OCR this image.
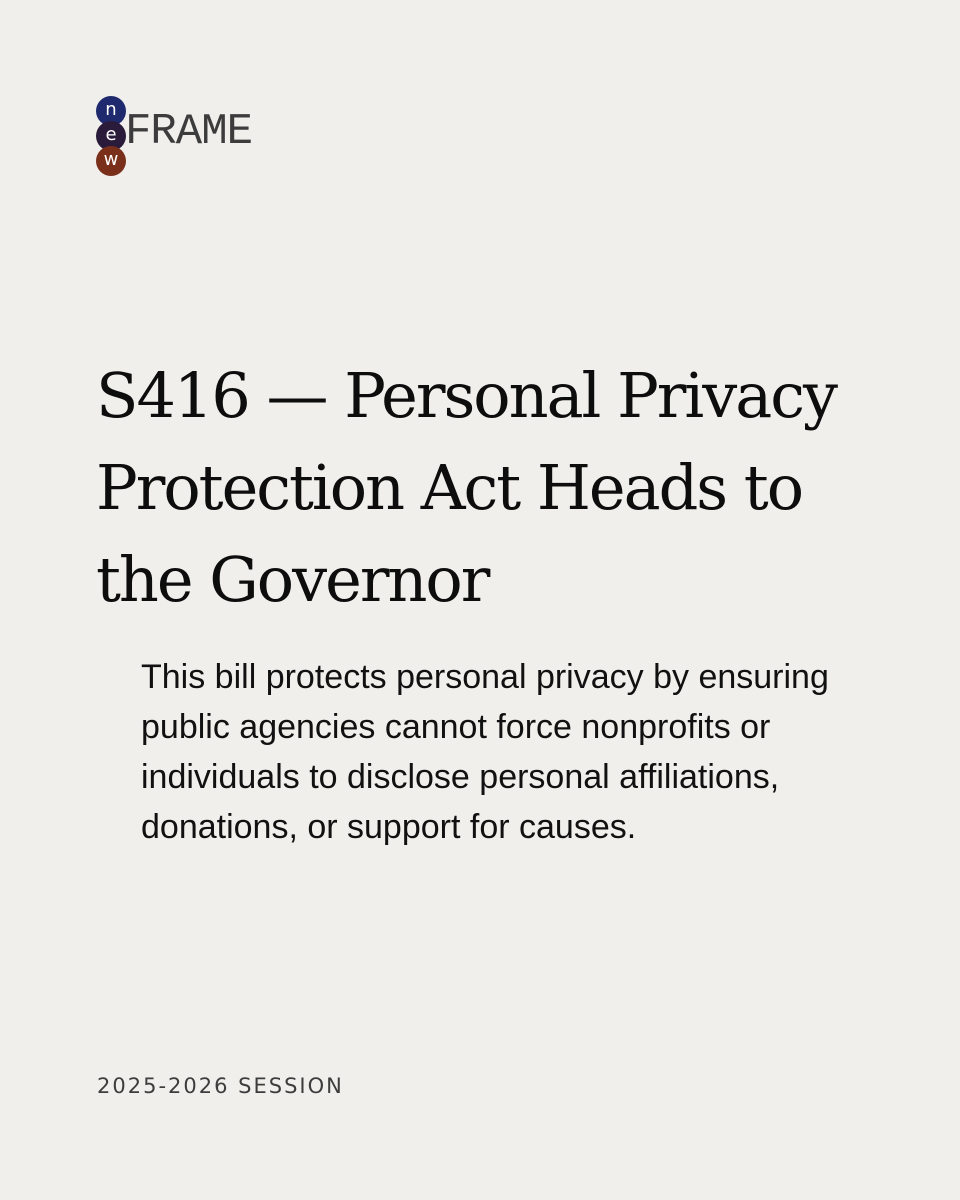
n
e
w
FRAME
S416 — Personal Privacy Protection Act Heads to the Governor

This bill protects personal privacy by ensuring public agencies cannot force nonprofits or individuals to disclose personal affiliations, donations, or support for causes.

2025-2026 SESSION
